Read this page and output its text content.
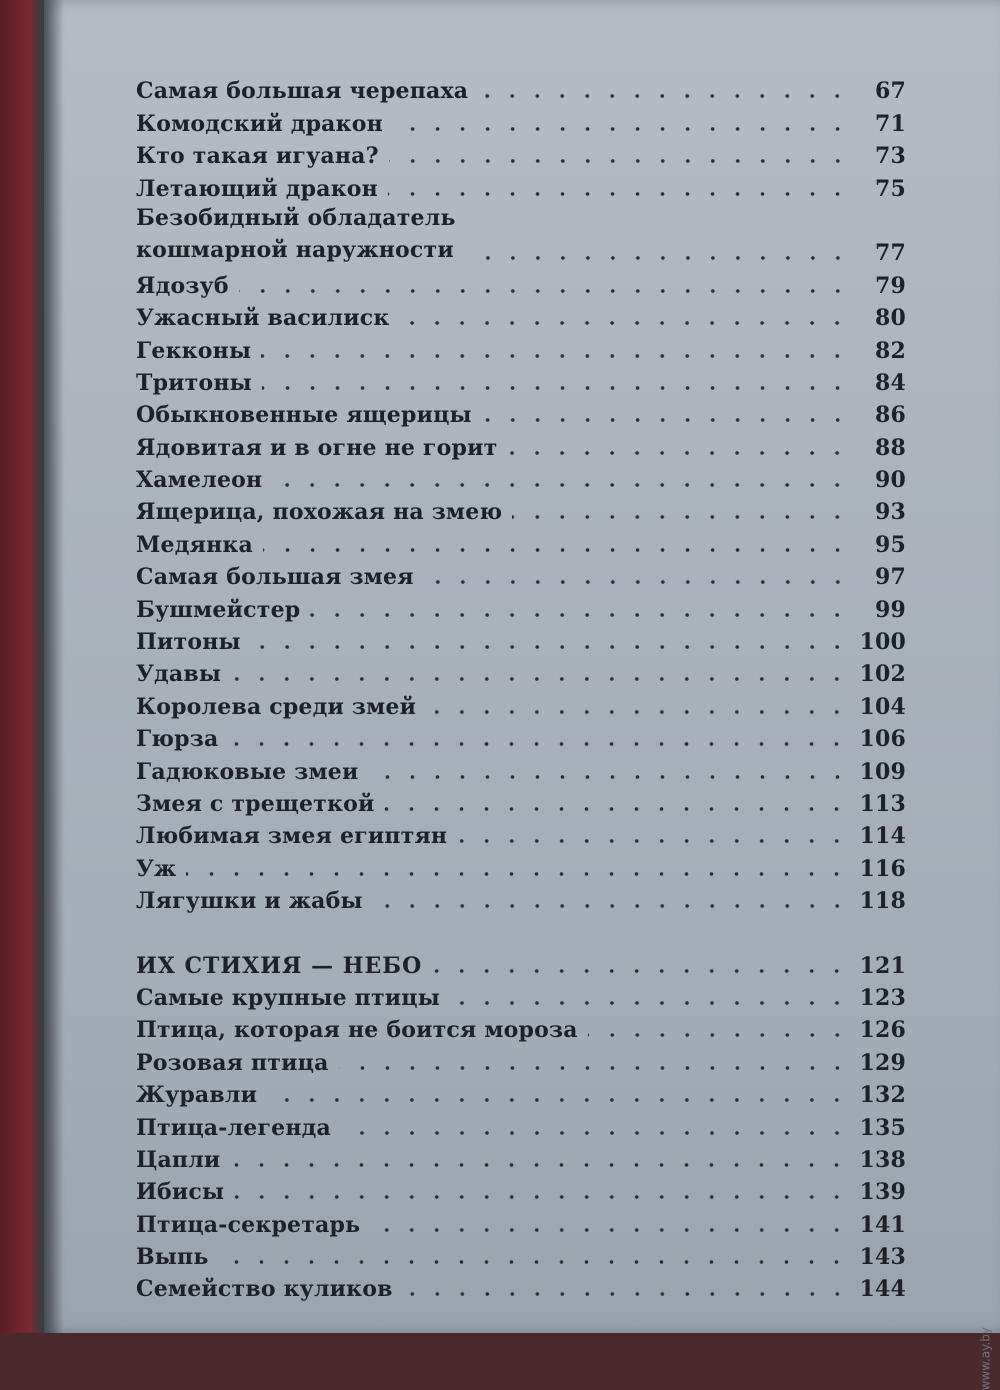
Самая большая черепаха	67
Комодский дракон	71
Кто такая игуана?	73
Летающий дракон	75
Безобидный обладатель
кошмарной наружности	77
Ядозуб	79
Ужасный василиск	80
Гекконы	82
Тритоны	84
Обыкновенные ящерицы	86
Ядовитая и в огне не горит	88
Хамелеон	90
Ящерица, похожая на змею	93
Медянка	95
Самая большая змея	97
Бушмейстер	99
Питоны	100
Удавы	102
Королева среди змей	104
Гюрза	106
Гадюковые змеи	109
Змея с трещеткой	113
Любимая змея египтян	114
Уж	116
Лягушки и жабы	118
ИХ СТИХИЯ — НЕБО	121
Самые крупные птицы	123
Птица, которая не боится мороза	126
Розовая птица	129
Журавли	132
Птица-легенда	135
Цапли	138
Ибисы	139
Птица-секретарь	141
Выпь	143
Семейство куликов	144
www.ay.by
